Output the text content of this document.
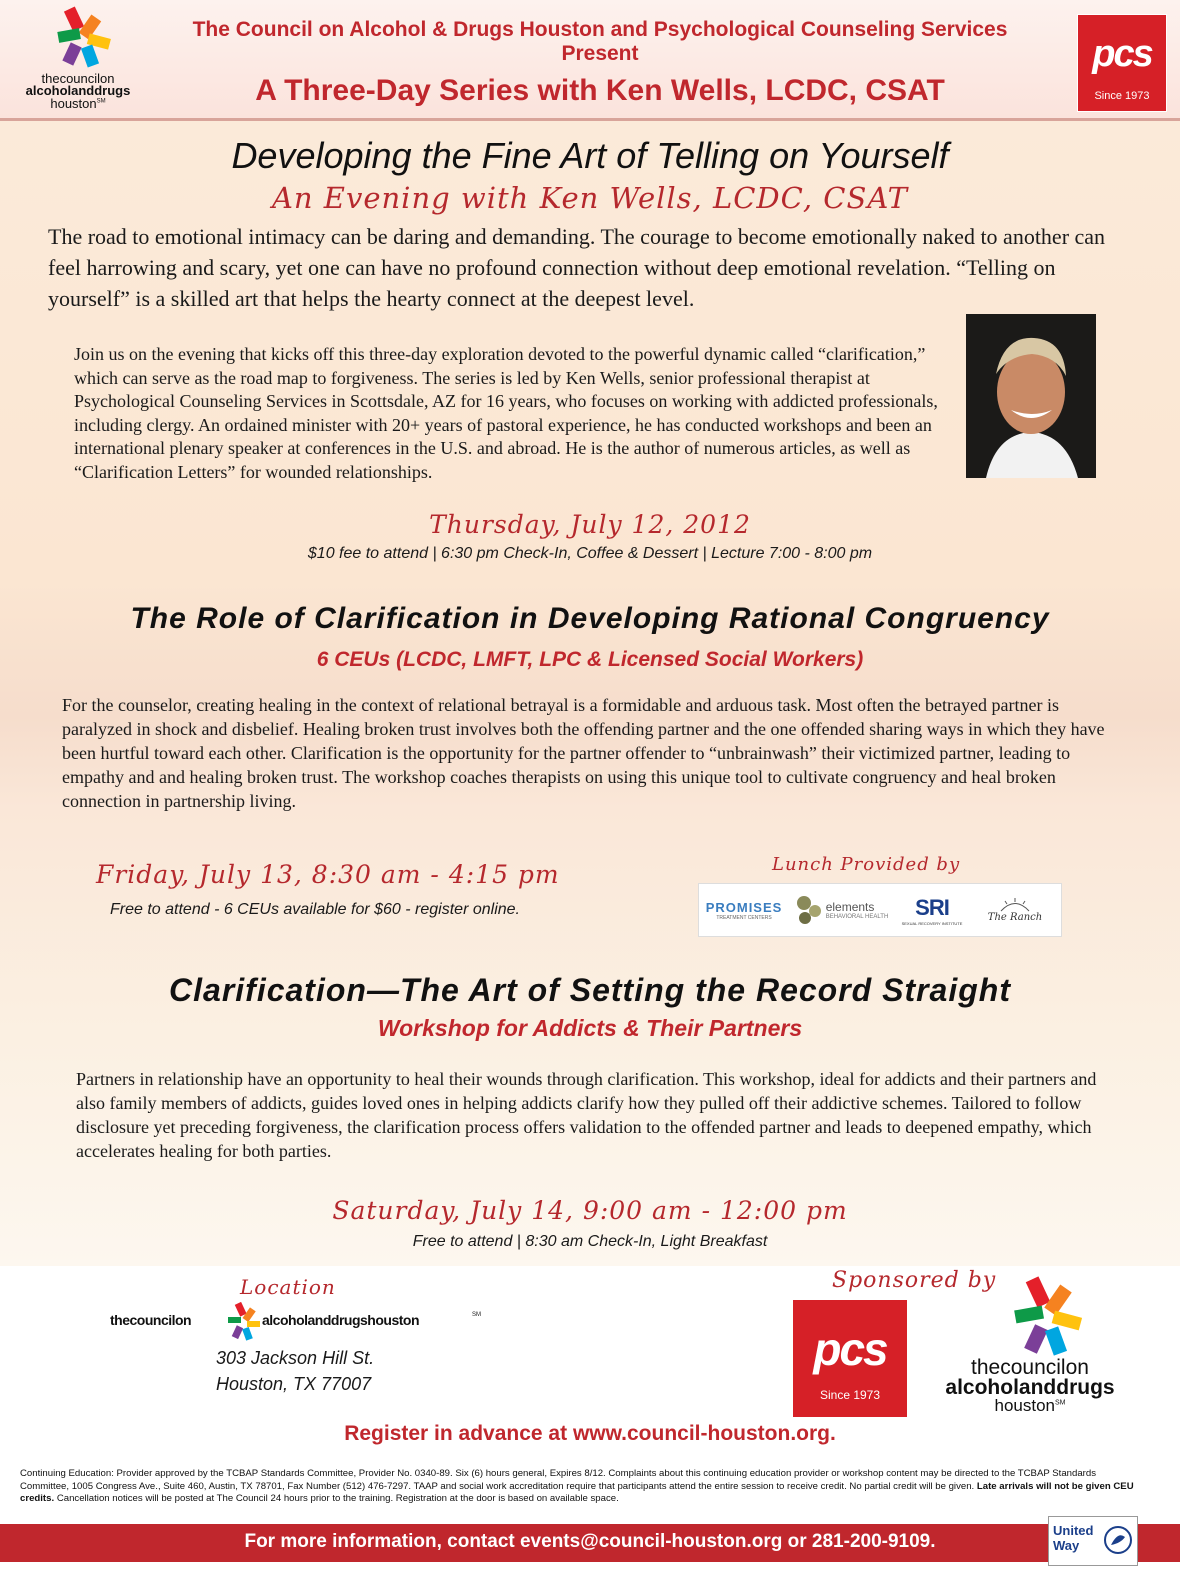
thecouncilon
alcoholanddrugs
houston℠
The Council on Alcohol & Drugs Houston and Psychological Counseling Services
Present
A Three-Day Series with Ken Wells, LCDC, CSAT
pcs
Since 1973
Developing the Fine Art of Telling on Yourself
An Evening with Ken Wells, LCDC, CSAT

The road to emotional intimacy can be daring and demanding. The courage to become emotionally naked to another can feel harrowing and scary, yet one can have no profound connection without deep emotional revelation. “Telling on yourself” is a skilled art that helps the hearty connect at the deepest level.

Join us on the evening that kicks off this three-day exploration devoted to the powerful dynamic called “clarification,” which can serve as the road map to forgiveness. The series is led by Ken Wells, senior professional therapist at Psychological Counseling Services in Scottsdale, AZ for 16 years, who focuses on working with addicted professionals, including clergy. An ordained minister with 20+ years of pastoral experience, he has conducted workshops and been an international plenary speaker at conferences in the U.S. and abroad. He is the author of numerous articles, as well as “Clarification Letters” for wounded relationships.

Thursday, July 12, 2012
$10 fee to attend | 6:30 pm Check-In, Coffee & Dessert | Lecture 7:00 - 8:00 pm
The Role of Clarification in Developing Rational Congruency
6 CEUs (LCDC, LMFT, LPC & Licensed Social Workers)

For the counselor, creating healing in the context of relational betrayal is a formidable and arduous task. Most often the betrayed partner is paralyzed in shock and disbelief. Healing broken trust involves both the offending partner and the one offended sharing ways in which they have been hurtful toward each other. Clarification is the opportunity for the partner offender to “unbrainwash” their victimized partner, leading to empathy and and healing broken trust. The workshop coaches therapists on using this unique tool to cultivate congruency and heal broken connection in partnership living.

Friday, July 13, 8:30 am - 4:15 pm
Free to attend - 6 CEUs available for $60 - register online.
Lunch Provided by
PROMISES
TREATMENT CENTERS
elements
BEHAVIORAL HEALTH SRI
SEXUAL RECOVERY INSTITUTE
The Ranch
Clarification—The Art of Setting the Record Straight
Workshop for Addicts & Their Partners

Partners in relationship have an opportunity to heal their wounds through clarification. This workshop, ideal for addicts and their partners and also family members of addicts, guides loved ones in helping addicts clarify how they pulled off their addictive schemes. Tailored to follow disclosure yet preceding forgiveness, the clarification process offers validation to the offended partner and leads to deepened empathy, which accelerates healing for both parties.

Saturday, July 14, 9:00 am - 12:00 pm
Free to attend | 8:30 am Check-In, Light Breakfast
Location
thecouncilon	alcoholanddrugshouston	SM
303 Jackson Hill St.
Houston, TX 77007
Sponsored by
pcs
Since 1973
thecouncilon
alcoholanddrugs
houston℠
Register in advance at www.council-houston.org.

Continuing Education: Provider approved by the TCBAP Standards Committee, Provider No. 0340-89. Six (6) hours general, Expires 8/12. Complaints about this continuing education provider or workshop content may be directed to the TCBAP Standards Committee, 1005 Congress Ave., Suite 460, Austin, TX 78701, Fax Number (512) 476-7297. TAAP and social work accreditation require that participants attend the entire session to receive credit. No partial credit will be given. Late arrivals will not be given CEU credits. Cancellation notices will be posted at The Council 24 hours prior to the training. Registration at the door is based on available space.

For more information, contact events@council-houston.org or 281-200-9109.
United
Way
